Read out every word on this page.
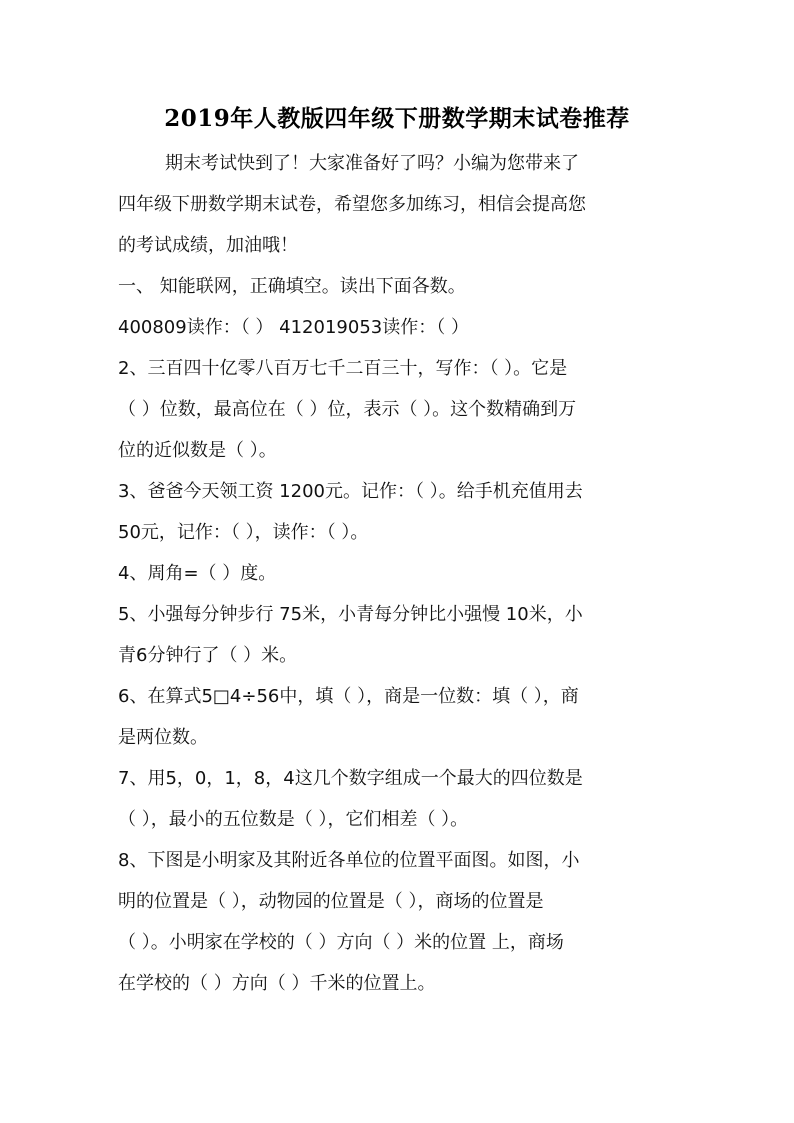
2019年人教版四年级下册数学期末试卷推荐
期末考试快到了！大家准备好了吗？小编为您带来了
四年级下册数学期末试卷，希望您多加练习，相信会提高您
的考试成绩，加油哦！
一、 知能联网，正确填空。读出下面各数。
400809读作：（ ） 412019053读作：（ ）
2、三百四十亿零八百万七千二百三十，写作：（ ）。它是
（ ）位数，最高位在（ ）位，表示（ ）。这个数精确到万
位的近似数是（ ）。
3、爸爸今天领工资 1200元。记作：（ ）。给手机充值用去
50元，记作：（ ），读作：（ ）。
4、周角=（ ）度。
5、小强每分钟步行 75米，小青每分钟比小强慢 10米，小
青6分钟行了（ ）米。
6、在算式5□4÷56中，填（ ），商是一位数：填（ ），商
是两位数。
7、用5，0，1，8，4这几个数字组成一个最大的四位数是
（ ），最小的五位数是（ ），它们相差（ ）。
8、下图是小明家及其附近各单位的位置平面图。如图，小
明的位置是（ ），动物园的位置是（ ），商场的位置是
（ ）。小明家在学校的（ ）方向（ ）米的位置 上，商场
在学校的（ ）方向（ ）千米的位置上。
